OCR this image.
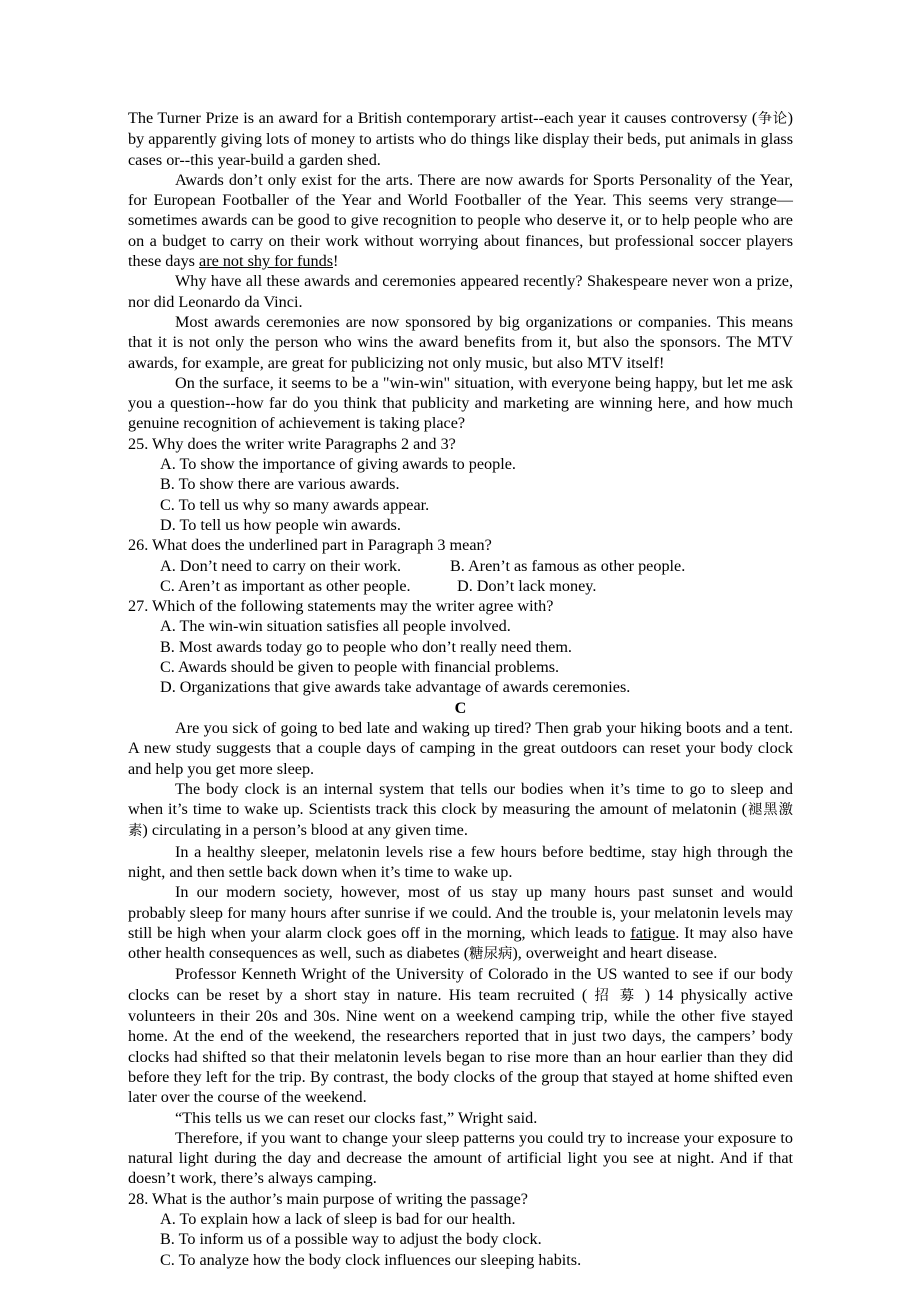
The Turner Prize is an award for a British contemporary artist--each year it causes controversy (争论) by apparently giving lots of money to artists who do things like display their beds, put animals in glass cases or--this year-build a garden shed.

Awards don’t only exist for the arts. There are now awards for Sports Personality of the Year, for European Footballer of the Year and World Footballer of the Year. This seems very strange—sometimes awards can be good to give recognition to people who deserve it, or to help people who are on a budget to carry on their work without worrying about finances, but professional soccer players these days are not shy for funds!

Why have all these awards and ceremonies appeared recently? Shakespeare never won a prize, nor did Leonardo da Vinci.

Most awards ceremonies are now sponsored by big organizations or companies. This means that it is not only the person who wins the award benefits from it, but also the sponsors. The MTV awards, for example, are great for publicizing not only music, but also MTV itself!

On the surface, it seems to be a "win-win" situation, with everyone being happy, but let me ask you a question--how far do you think that publicity and marketing are winning here, and how much genuine recognition of achievement is taking place?

25. Why does the writer write Paragraphs 2 and 3?

A. To show the importance of giving awards to people.

B. To show there are various awards.

C. To tell us why so many awards appear.

D. To tell us how people win awards.

26. What does the underlined part in Paragraph 3 mean?

A. Don’t need to carry on their work.	B. Aren’t as famous as other people.

C. Aren’t as important as other people.	D. Don’t lack money.

27. Which of the following statements may the writer agree with?

A. The win-win situation satisfies all people involved.

B. Most awards today go to people who don’t really need them.

C. Awards should be given to people with financial problems.

D. Organizations that give awards take advantage of awards ceremonies.

C

Are you sick of going to bed late and waking up tired? Then grab your hiking boots and a tent. A new study suggests that a couple days of camping in the great outdoors can reset your body clock and help you get more sleep.

The body clock is an internal system that tells our bodies when it’s time to go to sleep and when it’s time to wake up. Scientists track this clock by measuring the amount of melatonin (褪黑激素) circulating in a person’s blood at any given time.

In a healthy sleeper, melatonin levels rise a few hours before bedtime, stay high through the night, and then settle back down when it’s time to wake up.

In our modern society, however, most of us stay up many hours past sunset and would probably sleep for many hours after sunrise if we could. And the trouble is, your melatonin levels may still be high when your alarm clock goes off in the morning, which leads to fatigue. It may also have other health consequences as well, such as diabetes (糖尿病), overweight and heart disease.

Professor Kenneth Wright of the University of Colorado in the US wanted to see if our body clocks can be reset by a short stay in nature. His team recruited ( 招 募 ) 14 physically active volunteers in their 20s and 30s. Nine went on a weekend camping trip, while the other five stayed home. At the end of the weekend, the researchers reported that in just two days, the campers’ body clocks had shifted so that their melatonin levels began to rise more than an hour earlier than they did before they left for the trip. By contrast, the body clocks of the group that stayed at home shifted even later over the course of the weekend.

“This tells us we can reset our clocks fast,” Wright said.

Therefore, if you want to change your sleep patterns you could try to increase your exposure to natural light during the day and decrease the amount of artificial light you see at night. And if that doesn’t work, there’s always camping.

28. What is the author’s main purpose of writing the passage?

A. To explain how a lack of sleep is bad for our health.

B. To inform us of a possible way to adjust the body clock.

C. To analyze how the body clock influences our sleeping habits.
